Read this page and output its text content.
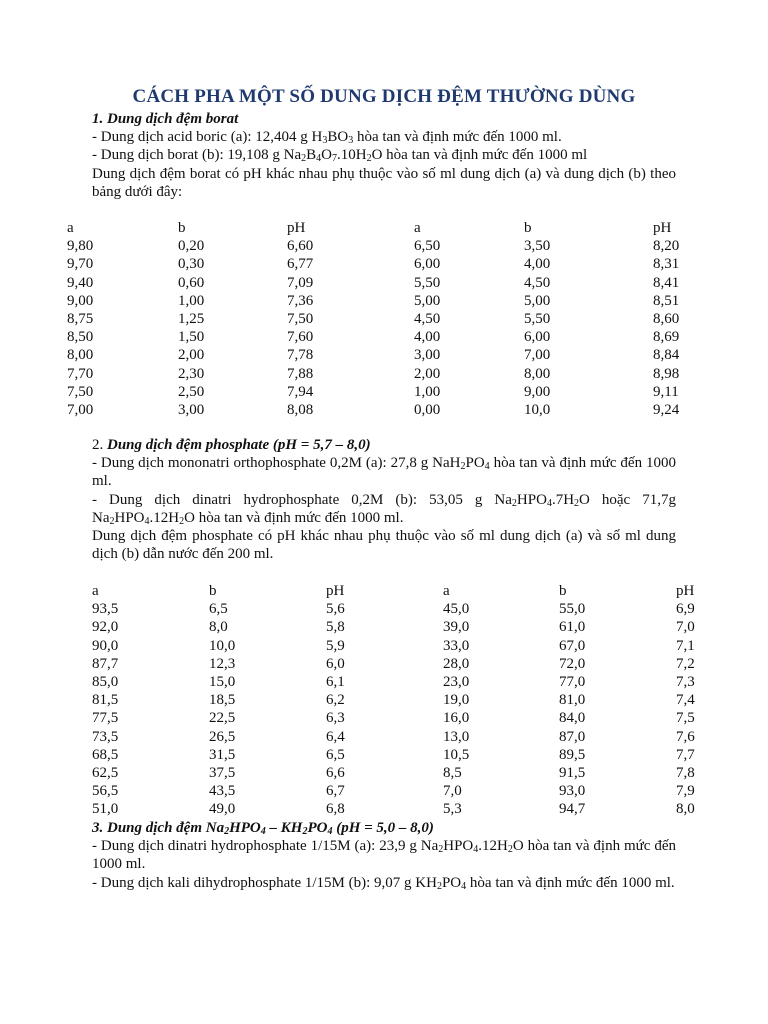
CÁCH PHA MỘT SỐ DUNG DỊCH ĐỆM THƯỜNG DÙNG
1. Dung dịch đệm borat
- Dung dịch acid boric (a): 12,404 g $H_3BO_3$ hòa tan và định mức đến 1000 ml.
- Dung dịch borat (b): 19,108 g $Na_2B_4O_7.10H_2O$ hòa tan và định mức đến 1000 ml
Dung dịch đệm borat có pH khác nhau phụ thuộc vào số ml dung dịch (a) và dung dịch (b) theo bảng dưới đây:
a	b	pH	a	b	pH
9,80	0,20	6,60	6,50	3,50	8,20
9,70	0,30	6,77	6,00	4,00	8,31
9,40	0,60	7,09	5,50	4,50	8,41
9,00	1,00	7,36	5,00	5,00	8,51
8,75	1,25	7,50	4,50	5,50	8,60
8,50	1,50	7,60	4,00	6,00	8,69
8,00	2,00	7,78	3,00	7,00	8,84
7,70	2,30	7,88	2,00	8,00	8,98
7,50	2,50	7,94	1,00	9,00	9,11
7,00	3,00	8,08	0,00	10,0	9,24
2. Dung dịch đệm phosphate (pH = 5,7 – 8,0)
- Dung dịch mononatri orthophosphate 0,2M (a): 27,8 g $NaH_2PO_4$ hòa tan và định mức đến 1000 ml.
- Dung dịch dinatri hydrophosphate 0,2M (b): 53,05 g $Na_2HPO_4.7H_2O$ hoặc 71,7g $Na_2HPO_4.12H_2O$ hòa tan và định mức đến 1000 ml.
Dung dịch đệm phosphate có pH khác nhau phụ thuộc vào số ml dung dịch (a) và số ml dung dịch (b) dẫn nước đến 200 ml.
a	b	pH	a	b	pH
93,5	6,5	5,6	45,0	55,0	6,9
92,0	8,0	5,8	39,0	61,0	7,0
90,0	10,0	5,9	33,0	67,0	7,1
87,7	12,3	6,0	28,0	72,0	7,2
85,0	15,0	6,1	23,0	77,0	7,3
81,5	18,5	6,2	19,0	81,0	7,4
77,5	22,5	6,3	16,0	84,0	7,5
73,5	26,5	6,4	13,0	87,0	7,6
68,5	31,5	6,5	10,5	89,5	7,7
62,5	37,5	6,6	8,5	91,5	7,8
56,5	43,5	6,7	7,0	93,0	7,9
51,0	49,0	6,8	5,3	94,7	8,0
3. Dung dịch đệm $Na_2HPO_4 - KH_2PO_4$ (pH = 5,0 – 8,0)
- Dung dịch dinatri hydrophosphate 1/15M (a): 23,9 g $Na_2HPO_4.12H_2O$ hòa tan và định mức đến 1000 ml.
- Dung dịch kali dihydrophosphate 1/15M (b): 9,07 g $KH_2PO_4$ hòa tan và định mức đến 1000 ml.
